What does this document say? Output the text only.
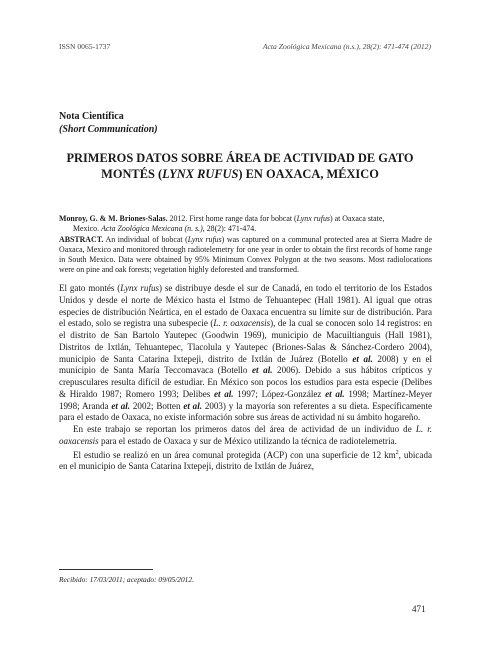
ISSN 0065-1737	Acta Zoológica Mexicana (n.s.), 28(2): 471-474 (2012)
Nota Científica
(Short Communication)
PRIMEROS DATOS SOBRE ÁREA DE ACTIVIDAD DE GATO
MONTÉS (LYNX RUFUS) EN OAXACA, MÉXICO
Monroy, G. & M. Briones-Salas. 2012. First home range data for bobcat (Lynx rufus) at Oaxaca state,
Mexico. Acta Zoológica Mexicana (n. s.), 28(2): 471-474.
ABSTRACT. An individual of bobcat (Lynx rufus) was captured on a communal protected area at Sierra Madre de Oaxaca, Mexico and monitored through radiotelemetry for one year in order to obtain the first records of home range in South Mexico. Data were obtained by 95% Minimum Convex Polygon at the two seasons. Most radiolocations were on pine and oak forests; vegetation highly deforested and transformed.

El gato montés (Lynx rufus) se distribuye desde el sur de Canadá, en todo el territorio de los Estados Unidos y desde el norte de México hasta el Istmo de Tehuantepec (Hall 1981). Al igual que otras especies de distribución Neártica, en el estado de Oaxaca encuentra su límite sur de distribución. Para el estado, solo se registra una subespecie (L. r. oaxacensis), de la cual se conocen solo 14 registros: en el distrito de San Bartolo Yautepec (Goodwin 1969), municipio de Macuiltianguis (Hall 1981), Distritos de Ixtlán, Tehuantepec, Tlacolula y Yautepec (Briones-Salas & Sánchez-Cordero 2004), municipio de Santa Catarina Ixtepeji, distrito de Ixtlán de Juárez (Botello et al. 2008) y en el municipio de Santa María Teccomavaca (Botello et al. 2006). Debido a sus hábitos crípticos y crepusculares resulta difícil de estudiar. En México son pocos los estudios para esta especie (Delibes & Hiraldo 1987; Romero 1993; Delibes et al. 1997; López-González et al. 1998; Martínez-Meyer 1998; Aranda et al. 2002; Botten et al. 2003) y la mayoría son referentes a su dieta. Específicamente para el estado de Oaxaca, no existe información sobre sus áreas de actividad ni su ámbito hogareño.

En este trabajo se reportan los primeros datos del área de actividad de un individuo de L. r. oaxacensis para el estado de Oaxaca y sur de México utilizando la técnica de radiotelemetría.

El estudio se realizó en un área comunal protegida (ACP) con una superficie de 12 $km^2$, ubicada en el municipio de Santa Catarina Ixtepeji, distrito de Ixtlán de Juárez,

Recibido: 17/03/2011; aceptado: 09/05/2012.
471
